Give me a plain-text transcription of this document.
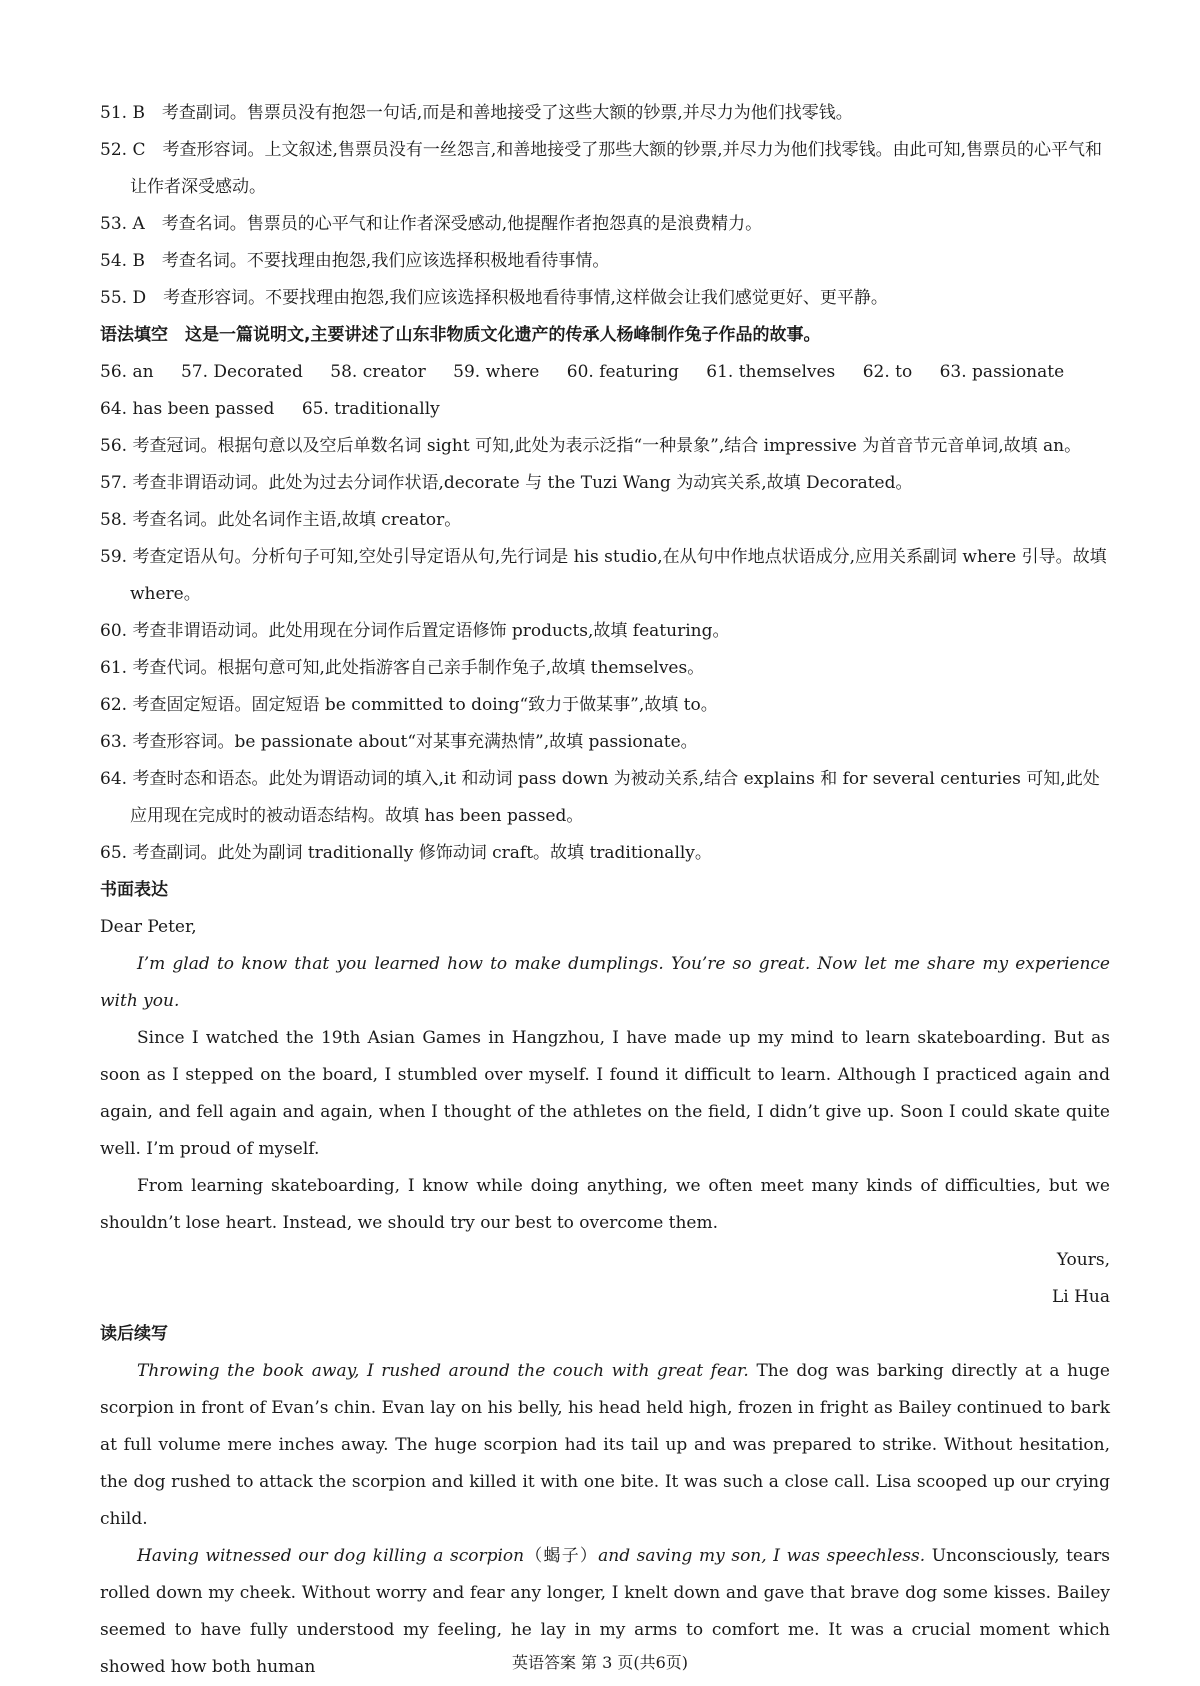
51. B　考查副词。售票员没有抱怨一句话,而是和善地接受了这些大额的钞票,并尽力为他们找零钱。

52. C　考查形容词。上文叙述,售票员没有一丝怨言,和善地接受了那些大额的钞票,并尽力为他们找零钱。由此可知,售票员的心平气和让作者深受感动。

53. A　考查名词。售票员的心平气和让作者深受感动,他提醒作者抱怨真的是浪费精力。

54. B　考查名词。不要找理由抱怨,我们应该选择积极地看待事情。

55. D　考查形容词。不要找理由抱怨,我们应该选择积极地看待事情,这样做会让我们感觉更好、更平静。

语法填空　这是一篇说明文,主要讲述了山东非物质文化遗产的传承人杨峰制作兔子作品的故事。

56. an 57. Decorated 58. creator 59. where 60. featuring 61. themselves 62. to 63. passionate

64. has been passed 65. traditionally

56. 考查冠词。根据句意以及空后单数名词 sight 可知,此处为表示泛指“一种景象”,结合 impressive 为首音节元音单词,故填 an。

57. 考查非谓语动词。此处为过去分词作状语,decorate 与 the Tuzi Wang 为动宾关系,故填 Decorated。

58. 考查名词。此处名词作主语,故填 creator。

59. 考查定语从句。分析句子可知,空处引导定语从句,先行词是 his studio,在从句中作地点状语成分,应用关系副词 where 引导。故填 where。

60. 考查非谓语动词。此处用现在分词作后置定语修饰 products,故填 featuring。

61. 考查代词。根据句意可知,此处指游客自己亲手制作兔子,故填 themselves。

62. 考查固定短语。固定短语 be committed to doing“致力于做某事”,故填 to。

63. 考查形容词。be passionate about“对某事充满热情”,故填 passionate。

64. 考查时态和语态。此处为谓语动词的填入,it 和动词 pass down 为被动关系,结合 explains 和 for several centuries 可知,此处应用现在完成时的被动语态结构。故填 has been passed。

65. 考查副词。此处为副词 traditionally 修饰动词 craft。故填 traditionally。

书面表达

Dear Peter,

I’m glad to know that you learned how to make dumplings. You’re so great. Now let me share my experience with you.

Since I watched the 19th Asian Games in Hangzhou, I have made up my mind to learn skateboarding. But as soon as I stepped on the board, I stumbled over myself. I found it difficult to learn. Although I practiced again and again, and fell again and again, when I thought of the athletes on the field, I didn’t give up. Soon I could skate quite well. I’m proud of myself.

From learning skateboarding, I know while doing anything, we often meet many kinds of difficulties, but we shouldn’t lose heart. Instead, we should try our best to overcome them.

Yours,

Li Hua

读后续写

Throwing the book away, I rushed around the couch with great fear. The dog was barking directly at a huge scorpion in front of Evan’s chin. Evan lay on his belly, his head held high, frozen in fright as Bailey continued to bark at full volume mere inches away. The huge scorpion had its tail up and was prepared to strike. Without hesitation, the dog rushed to attack the scorpion and killed it with one bite. It was such a close call. Lisa scooped up our crying child.

Having witnessed our dog killing a scorpion（蝎子）and saving my son, I was speechless. Unconsciously, tears rolled down my cheek. Without worry and fear any longer, I knelt down and gave that brave dog some kisses. Bailey seemed to have fully understood my feeling, he lay in my arms to comfort me. It was a crucial moment which showed how both human	英语答案 第 3 页(共6页)
